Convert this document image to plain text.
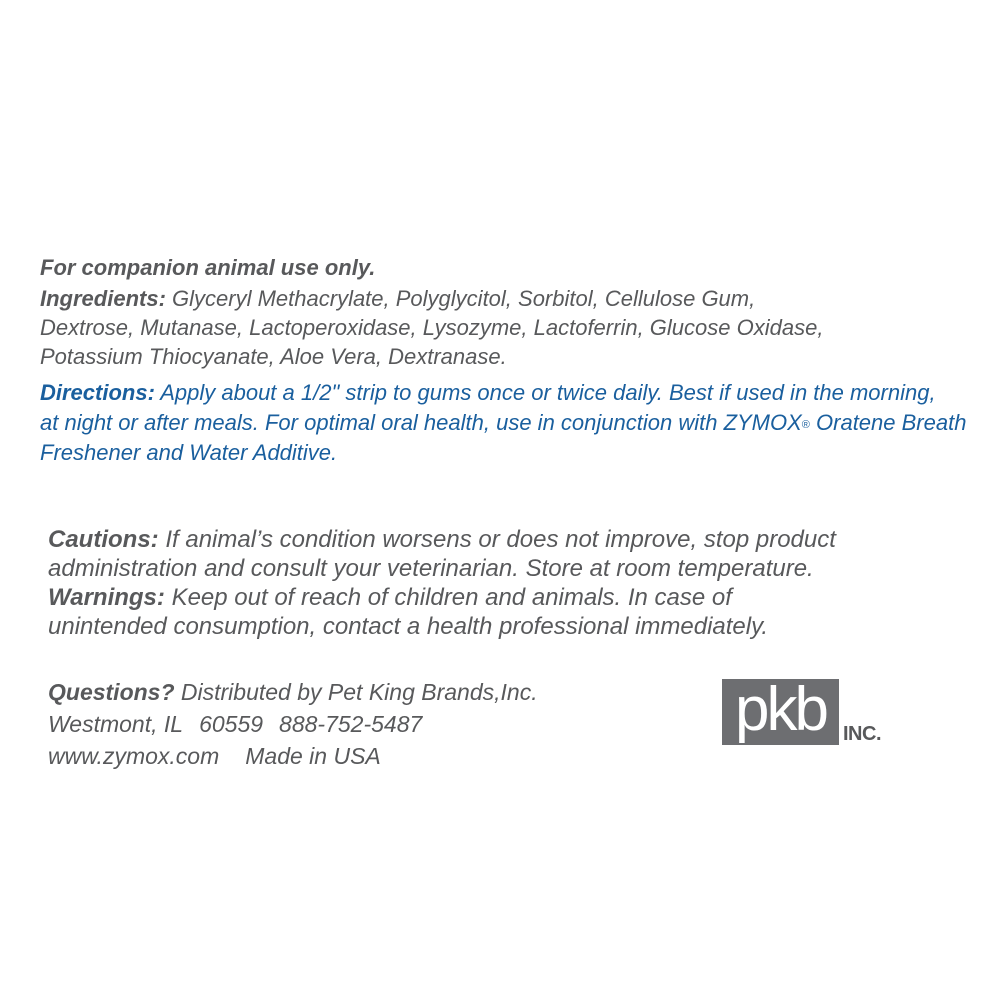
For companion animal use only.
Ingredients: Glyceryl Methacrylate, Polyglycitol, Sorbitol, Cellulose Gum,
Dextrose, Mutanase, Lactoperoxidase, Lysozyme, Lactoferrin, Glucose Oxidase,
Potassium Thiocyanate, Aloe Vera, Dextranase.
Directions: Apply about a 1/2" strip to gums once or twice daily. Best if used in the morning,
at night or after meals. For optimal oral health, use in conjunction with ZYMOX® Oratene Breath
Freshener and Water Additive.
Cautions: If animal’s condition worsens or does not improve, stop product
administration and consult your veterinarian. Store at room temperature.
Warnings: Keep out of reach of children and animals. In case of
unintended consumption, contact a health professional immediately.
Questions? Distributed by Pet King Brands,Inc.
Westmont, IL 60559 888-752-5487
www.zymox.com Made in USA
pkb INC.
